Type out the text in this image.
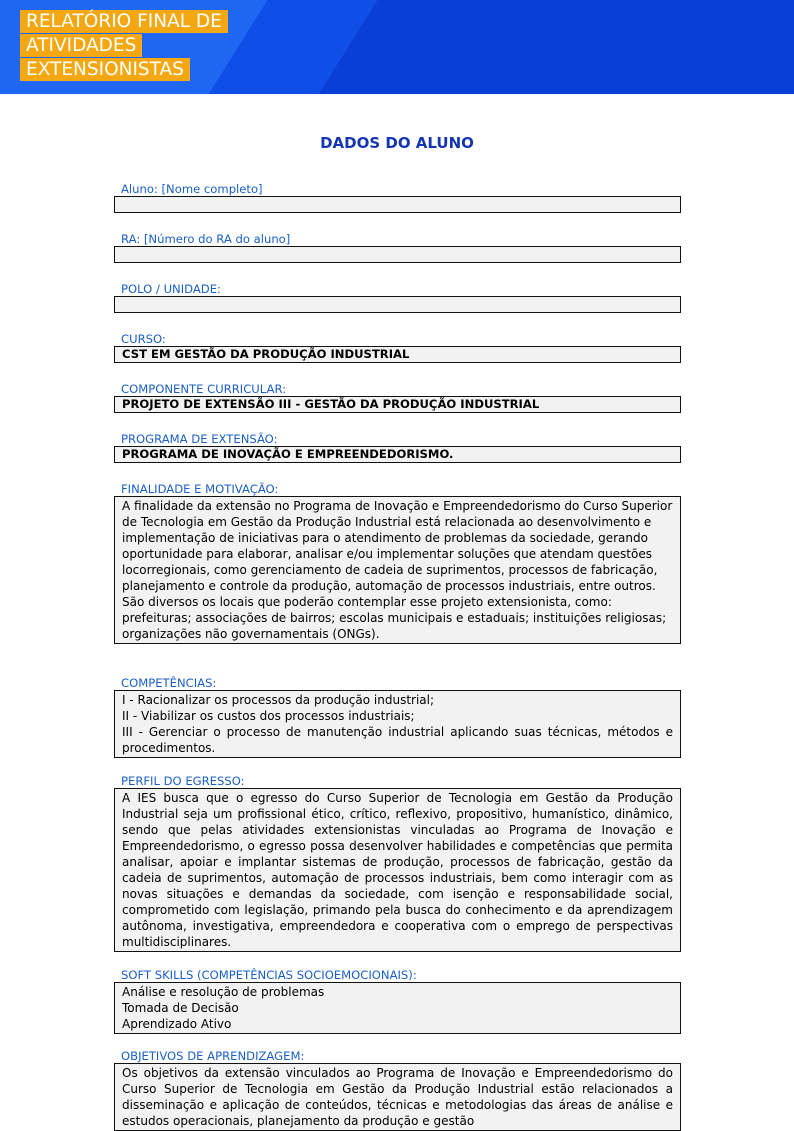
RELATÓRIO FINAL DE
ATIVIDADES
EXTENSIONISTAS
DADOS DO ALUNO
Aluno: [Nome completo]
RA: [Número do RA do aluno]
POLO / UNIDADE:
CURSO:
CST EM GESTÃO DA PRODUÇÃO INDUSTRIAL
COMPONENTE CURRICULAR:
PROJETO DE EXTENSÃO III - GESTÃO DA PRODUÇÃO INDUSTRIAL
PROGRAMA DE EXTENSÃO:
PROGRAMA DE INOVAÇÃO E EMPREENDEDORISMO.
FINALIDADE E MOTIVAÇÃO:

A finalidade da extensão no Programa de Inovação e Empreendedorismo do Curso Superior de Tecnologia em Gestão da Produção Industrial está relacionada ao desenvolvimento e implementação de iniciativas para o atendimento de problemas da sociedade, gerando oportunidade para elaborar, analisar e/ou implementar soluções que atendam questões locorregionais, como gerenciamento de cadeia de suprimentos, processos de fabricação, planejamento e controle da produção, automação de processos industriais, entre outros. São diversos os locais que poderão contemplar esse projeto extensionista, como: prefeituras; associações de bairros; escolas municipais e estaduais; instituições religiosas; organizações não governamentais (ONGs).

COMPETÊNCIAS:

I - Racionalizar os processos da produção industrial;

II - Viabilizar os custos dos processos industriais;

III - Gerenciar o processo de manutenção industrial aplicando suas técnicas, métodos e procedimentos.

PERFIL DO EGRESSO:

A IES busca que o egresso do Curso Superior de Tecnologia em Gestão da Produção Industrial seja um profissional ético, crítico, reflexivo, propositivo, humanístico, dinâmico, sendo que pelas atividades extensionistas vinculadas ao Programa de Inovação e Empreendedorismo, o egresso possa desenvolver habilidades e competências que permita analisar, apoiar e implantar sistemas de produção, processos de fabricação, gestão da cadeia de suprimentos, automação de processos industriais, bem como interagir com as novas situações e demandas da sociedade, com isenção e responsabilidade social, comprometido com legislação, primando pela busca do conhecimento e da aprendizagem autônoma, investigativa, empreendedora e cooperativa com o emprego de perspectivas multidisciplinares.

SOFT SKILLS (COMPETÊNCIAS SOCIOEMOCIONAIS):

Análise e resolução de problemas

Tomada de Decisão

Aprendizado Ativo

OBJETIVOS DE APRENDIZAGEM:

Os objetivos da extensão vinculados ao Programa de Inovação e Empreendedorismo do Curso Superior de Tecnologia em Gestão da Produção Industrial estão relacionados a disseminação e aplicação de conteúdos, técnicas e metodologias das áreas de análise e estudos operacionais, planejamento da produção e gestão
